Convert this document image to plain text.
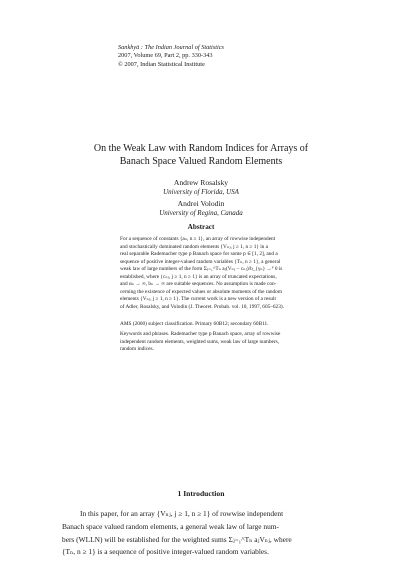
Sankhyā : The Indian Journal of Statistics
2007, Volume 69, Part 2, pp. 330-343
© 2007, Indian Statistical Institute
On the Weak Law with Random Indices for Arrays of
Banach Space Valued Random Elements
Andrew Rosalsky
University of Florida, USA
Andrei Volodin
University of Regina, Canada
Abstract
For a sequence of constants {aₙ, n ≥ 1}, an array of rowwise independent
and stochastically dominated random elements {Vₙⱼ, j ≥ 1, n ≥ 1} in a
real separable Rademacher type p Banach space for some p ∈ [1, 2], and a
sequence of positive integer-valued random variables {Tₙ, n ≥ 1}, a general
weak law of large numbers of the form Σⱼ₌₁^Tₙ aⱼ(Vₙⱼ − cₙⱼ)/b_{γₙ} →ᴾ 0 is
established, where {cₙⱼ, j ≥ 1, n ≥ 1} is an array of truncated expectations,
and αₙ → ∞, bₙ → ∞ are suitable sequences. No assumption is made con-
cerning the existence of expected values or absolute moments of the random
elements {Vₙⱼ, j ≥ 1, n ≥ 1}. The current work is a new version of a result
of Adler, Rosalsky, and Volodin (J. Theoret. Probab. vol. 10, 1997, 605–623).
AMS (2000) subject classification. Primary 60B12; secondary 60B11.
Keywords and phrases. Rademacher type p Banach space, array of rowwise
independent random elements, weighted sums, weak law of large numbers,
random indices.
1 Introduction
In this paper, for an array {Vₙⱼ, j ≥ 1, n ≥ 1} of rowwise independent
Banach space valued random elements, a general weak law of large num-
bers (WLLN) will be established for the weighted sums Σⱼ₌₁^Tₙ aⱼVₙⱼ, where
{Tₙ, n ≥ 1} is a sequence of positive integer-valued random variables.
